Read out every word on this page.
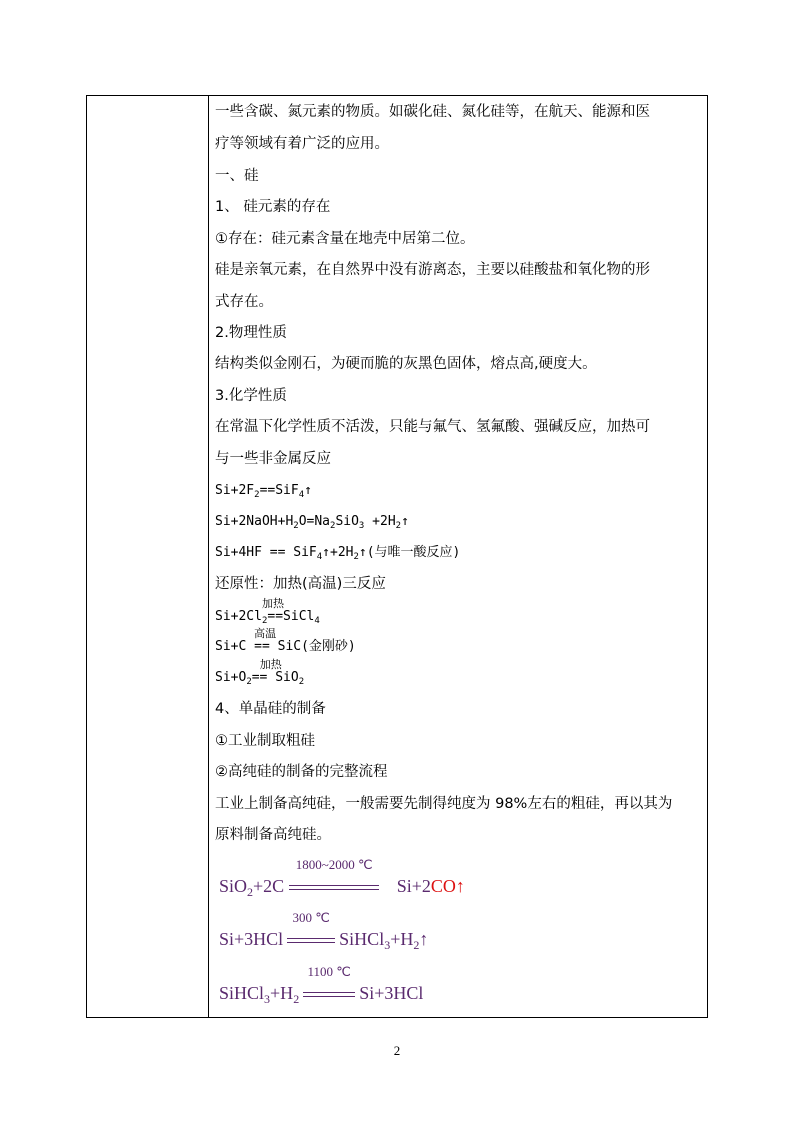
一些含碳、氮元素的物质。如碳化硅、氮化硅等，在航天、能源和医
疗等领域有着广泛的应用。
一、硅
1、 硅元素的存在
①存在：硅元素含量在地壳中居第二位。
硅是亲氧元素，在自然界中没有游离态，主要以硅酸盐和氧化物的形
式存在。
2.物理性质
结构类似金刚石，为硬而脆的灰黑色固体，熔点高,硬度大。
3.化学性质
在常温下化学性质不活泼，只能与氟气、氢氟酸、强碱反应，加热可
与一些非金属反应
$Si+2F_2==SiF_4↑$
$Si+2NaOH+H_2O=Na_2SiO_3$ $+2H_2↑$
$Si+4HF == SiF_4↑+2H_2↑$(与唯一酸反应)
还原性：加热(高温)三反应
$Si+2Cl_2$
加热
==SiCl$_4$
Si+C
高温
== SiC(金刚砂)
$Si+O_2$
加热
== SiO$_2$
4、单晶硅的制备
①工业制取粗硅
②高纯硅的制备的完整流程
工业上制备高纯硅，一般需要先制得纯度为 98%左右的粗硅，再以其为
原料制备高纯硅。
SiO$_2$+2C
1800~2000 ℃
Si+2CO↑
Si+3HCl
300 ℃
$SiHCl_3+H_2↑$
$SiHCl_3+H_2$
1100 ℃
Si+3HCl
2
